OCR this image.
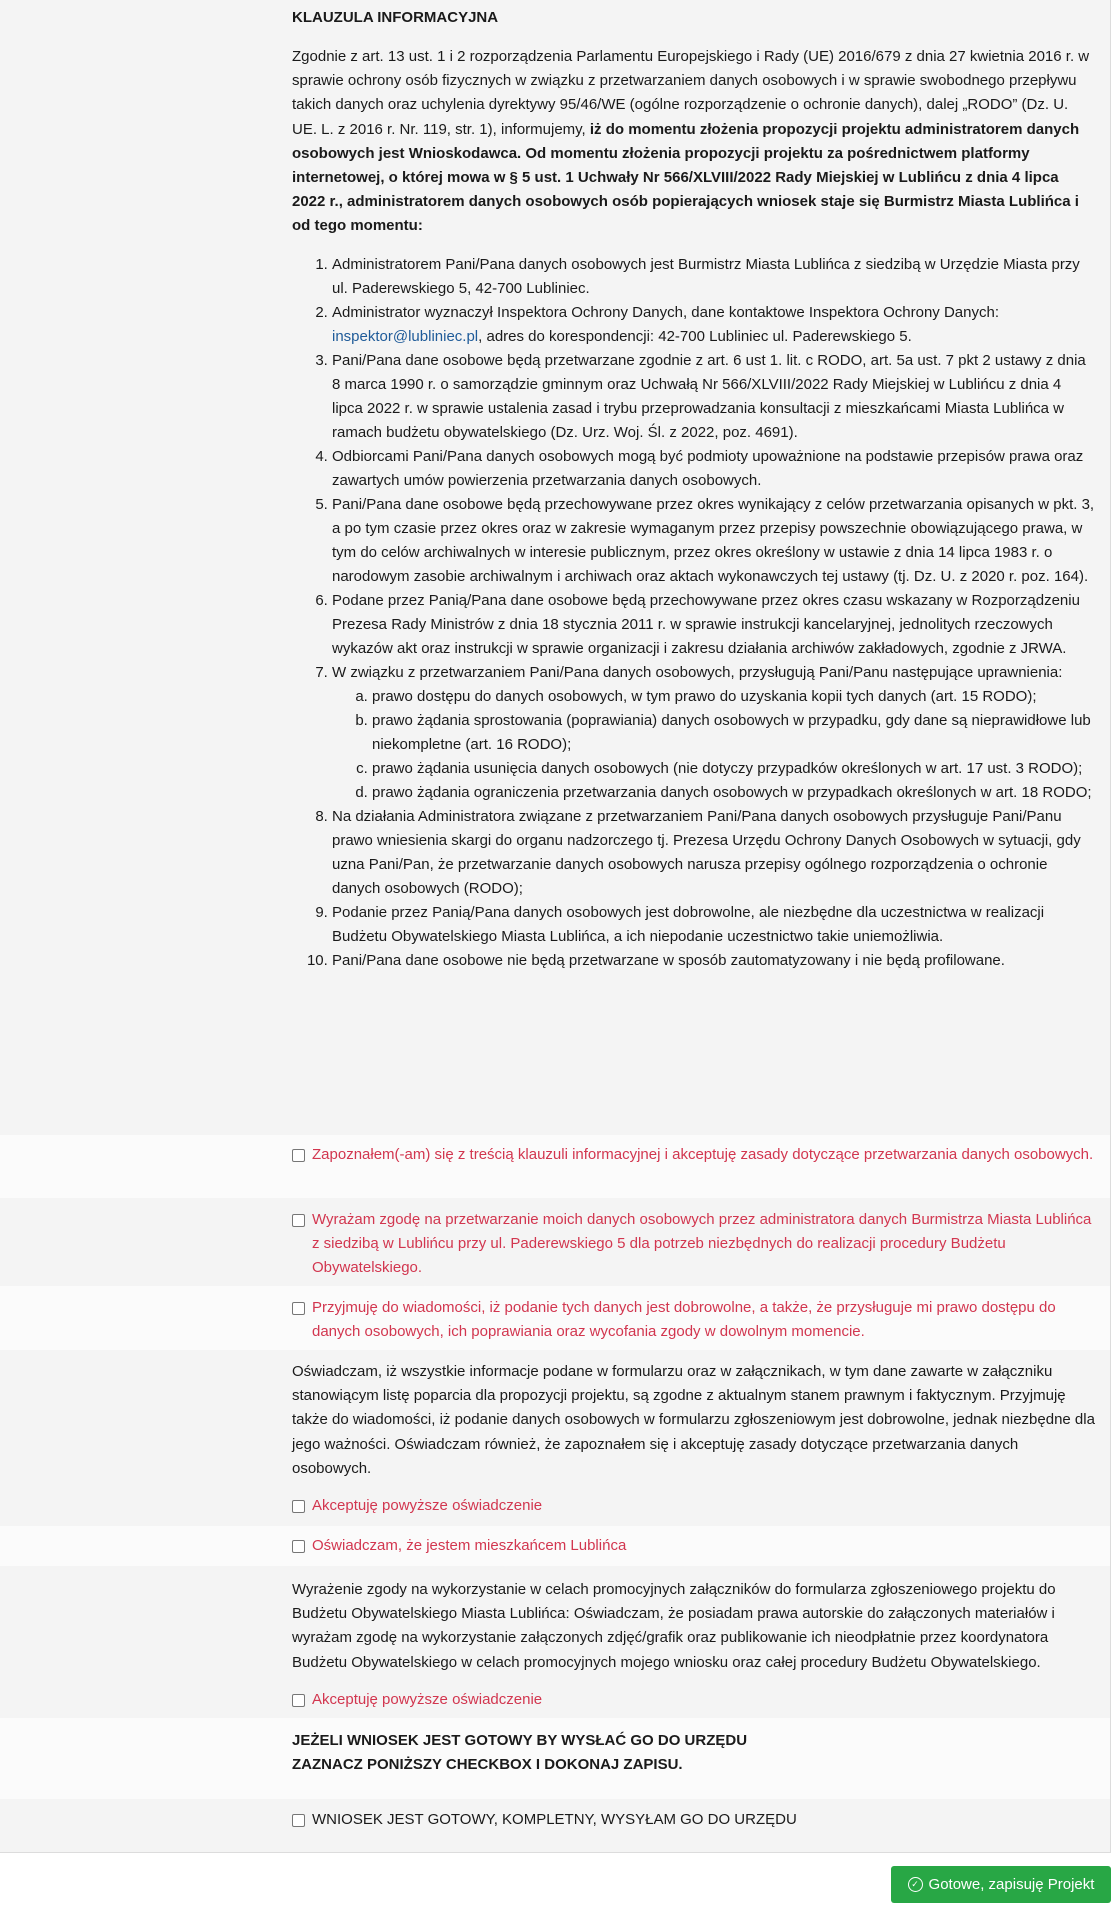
KLAUZULA INFORMACYJNA
Zgodnie z art. 13 ust. 1 i 2 rozporządzenia Parlamentu Europejskiego i Rady (UE) 2016/679 z dnia 27 kwietnia 2016 r. w sprawie ochrony osób fizycznych w związku z przetwarzaniem danych osobowych i w sprawie swobodnego przepływu takich danych oraz uchylenia dyrektywy 95/46/WE (ogólne rozporządzenie o ochronie danych), dalej „RODO” (Dz. U. UE. L. z 2016 r. Nr. 119, str. 1), informujemy, iż do momentu złożenia propozycji projektu administratorem danych osobowych jest Wnioskodawca. Od momentu złożenia propozycji projektu za pośrednictwem platformy internetowej, o której mowa w § 5 ust. 1 Uchwały Nr 566/XLVIII/2022 Rady Miejskiej w Lublińcu z dnia 4 lipca 2022 r., administratorem danych osobowych osób popierających wniosek staje się Burmistrz Miasta Lublińca i od tego momentu:
1. Administratorem Pani/Pana danych osobowych jest Burmistrz Miasta Lublińca z siedzibą w Urzędzie Miasta przy ul. Paderewskiego 5, 42-700 Lubliniec.
2. Administrator wyznaczył Inspektora Ochrony Danych, dane kontaktowe Inspektora Ochrony Danych: inspektor@lubliniec.pl, adres do korespondencji: 42-700 Lubliniec ul. Paderewskiego 5.
3. Pani/Pana dane osobowe będą przetwarzane zgodnie z art. 6 ust 1. lit. c RODO, art. 5a ust. 7 pkt 2 ustawy z dnia 8 marca 1990 r. o samorządzie gminnym oraz Uchwałą Nr 566/XLVIII/2022 Rady Miejskiej w Lublińcu z dnia 4 lipca 2022 r. w sprawie ustalenia zasad i trybu przeprowadzania konsultacji z mieszkańcami Miasta Lublińca w ramach budżetu obywatelskiego (Dz. Urz. Woj. Śl. z 2022, poz. 4691).
4. Odbiorcami Pani/Pana danych osobowych mogą być podmioty upoważnione na podstawie przepisów prawa oraz zawartych umów powierzenia przetwarzania danych osobowych.
5. Pani/Pana dane osobowe będą przechowywane przez okres wynikający z celów przetwarzania opisanych w pkt. 3, a po tym czasie przez okres oraz w zakresie wymaganym przez przepisy powszechnie obowiązującego prawa, w tym do celów archiwalnych w interesie publicznym, przez okres określony w ustawie z dnia 14 lipca 1983 r. o narodowym zasobie archiwalnym i archiwach oraz aktach wykonawczych tej ustawy (tj. Dz. U. z 2020 r. poz. 164).
6. Podane przez Panią/Pana dane osobowe będą przechowywane przez okres czasu wskazany w Rozporządzeniu Prezesa Rady Ministrów z dnia 18 stycznia 2011 r. w sprawie instrukcji kancelaryjnej, jednolitych rzeczowych wykazów akt oraz instrukcji w sprawie organizacji i zakresu działania archiwów zakładowych, zgodnie z JRWA.
7. W związku z przetwarzaniem Pani/Pana danych osobowych, przysługują Pani/Panu następujące uprawnienia:
a. prawo dostępu do danych osobowych, w tym prawo do uzyskania kopii tych danych (art. 15 RODO);
b. prawo żądania sprostowania (poprawiania) danych osobowych w przypadku, gdy dane są nieprawidłowe lub niekompletne (art. 16 RODO);
c. prawo żądania usunięcia danych osobowych (nie dotyczy przypadków określonych w art. 17 ust. 3 RODO);
d. prawo żądania ograniczenia przetwarzania danych osobowych w przypadkach określonych w art. 18 RODO;
8. Na działania Administratora związane z przetwarzaniem Pani/Pana danych osobowych przysługuje Pani/Panu prawo wniesienia skargi do organu nadzorczego tj. Prezesa Urzędu Ochrony Danych Osobowych w sytuacji, gdy uzna Pani/Pan, że przetwarzanie danych osobowych narusza przepisy ogólnego rozporządzenia o ochronie danych osobowych (RODO);
9. Podanie przez Panią/Pana danych osobowych jest dobrowolne, ale niezbędne dla uczestnictwa w realizacji Budżetu Obywatelskiego Miasta Lublińca, a ich niepodanie uczestnictwo takie uniemożliwia.
10. Pani/Pana dane osobowe nie będą przetwarzane w sposób zautomatyzowany i nie będą profilowane.
Zapoznałem(-am) się z treścią klauzuli informacyjnej i akceptuję zasady dotyczące przetwarzania danych osobowych.
Wyrażam zgodę na przetwarzanie moich danych osobowych przez administratora danych Burmistrza Miasta Lublińca z siedzibą w Lublińcu przy ul. Paderewskiego 5 dla potrzeb niezbędnych do realizacji procedury Budżetu Obywatelskiego.
Przyjmuję do wiadomości, iż podanie tych danych jest dobrowolne, a także, że przysługuje mi prawo dostępu do danych osobowych, ich poprawiania oraz wycofania zgody w dowolnym momencie.
Oświadczam, iż wszystkie informacje podane w formularzu oraz w załącznikach, w tym dane zawarte w załączniku stanowiącym listę poparcia dla propozycji projektu, są zgodne z aktualnym stanem prawnym i faktycznym. Przyjmuję także do wiadomości, iż podanie danych osobowych w formularzu zgłoszeniowym jest dobrowolne, jednak niezbędne dla jego ważności. Oświadczam również, że zapoznałem się i akceptuję zasady dotyczące przetwarzania danych osobowych.
Akceptuję powyższe oświadczenie
Oświadczam, że jestem mieszkańcem Lublińca
Wyrażenie zgody na wykorzystanie w celach promocyjnych załączników do formularza zgłoszeniowego projektu do Budżetu Obywatelskiego Miasta Lublińca: Oświadczam, że posiadam prawa autorskie do załączonych materiałów i wyrażam zgodę na wykorzystanie załączonych zdjęć/grafik oraz publikowanie ich nieodpłatnie przez koordynatora Budżetu Obywatelskiego w celach promocyjnych mojego wniosku oraz całej procedury Budżetu Obywatelskiego.
Akceptuję powyższe oświadczenie
JEŻELI WNIOSEK JEST GOTOWY BY WYSŁAĆ GO DO URZĘDU
ZAZNACZ PONIŻSZY CHECKBOX I DOKONAJ ZAPISU.
WNIOSEK JEST GOTOWY, KOMPLETNY, WYSYŁAM GO DO URZĘDU
✓ Gotowe, zapisuję Projekt
